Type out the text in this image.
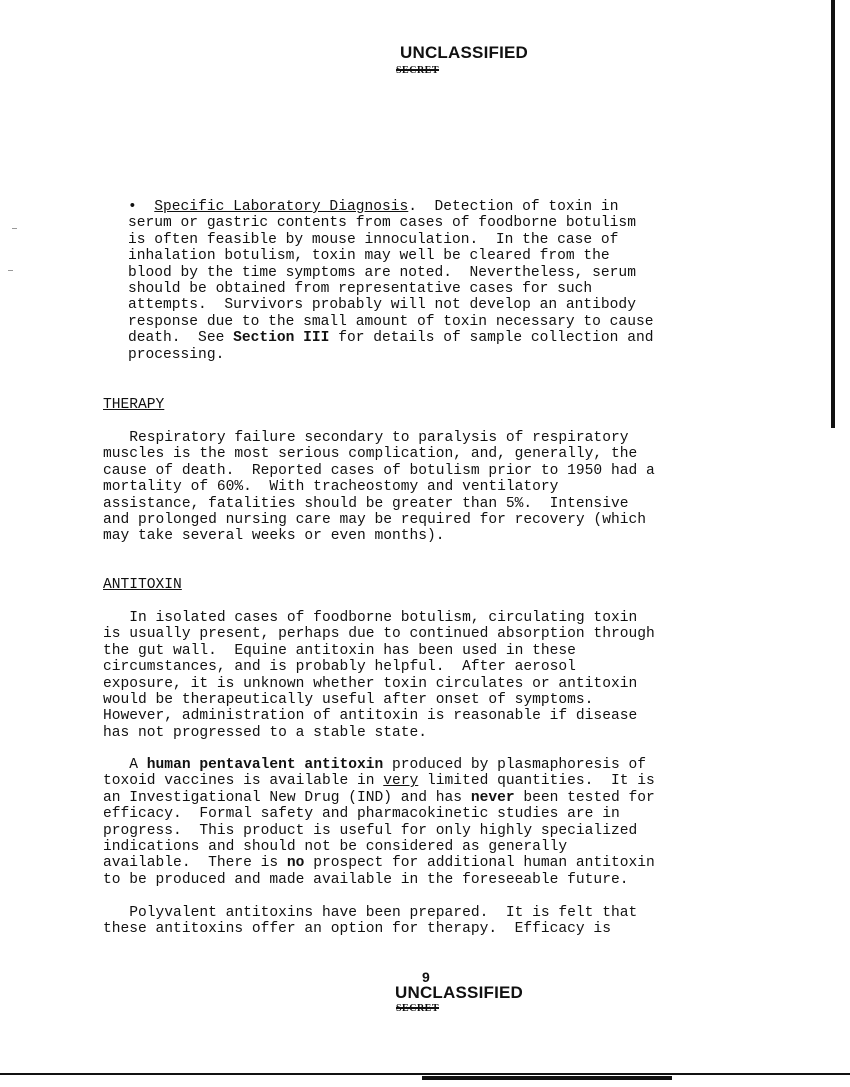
UNCLASSIFIED
SECRET
• Specific Laboratory Diagnosis.  Detection of toxin in
serum or gastric contents from cases of foodborne botulism
is often feasible by mouse innoculation.  In the case of
inhalation botulism, toxin may well be cleared from the
blood by the time symptoms are noted.  Nevertheless, serum
should be obtained from representative cases for such
attempts.  Survivors probably will not develop an antibody
response due to the small amount of toxin necessary to cause
death.  See Section III for details of sample collection and
processing.
THERAPY
Respiratory failure secondary to paralysis of respiratory
muscles is the most serious complication, and, generally, the
cause of death.  Reported cases of botulism prior to 1950 had a
mortality of 60%.  With tracheostomy and ventilatory
assistance, fatalities should be greater than 5%.  Intensive
and prolonged nursing care may be required for recovery (which
may take several weeks or even months).
ANTITOXIN
In isolated cases of foodborne botulism, circulating toxin
is usually present, perhaps due to continued absorption through
the gut wall.  Equine antitoxin has been used in these
circumstances, and is probably helpful.  After aerosol
exposure, it is unknown whether toxin circulates or antitoxin
would be therapeutically useful after onset of symptoms.
However, administration of antitoxin is reasonable if disease
has not progressed to a stable state.
A human pentavalent antitoxin produced by plasmaphoresis of
toxoid vaccines is available in very limited quantities.  It is
an Investigational New Drug (IND) and has never been tested for
efficacy.  Formal safety and pharmacokinetic studies are in
progress.  This product is useful for only highly specialized
indications and should not be considered as generally
available.  There is no prospect for additional human antitoxin
to be produced and made available in the foreseeable future.
Polyvalent antitoxins have been prepared.  It is felt that
these antitoxins offer an option for therapy.  Efficacy is
9
UNCLASSIFIED
SECRET
